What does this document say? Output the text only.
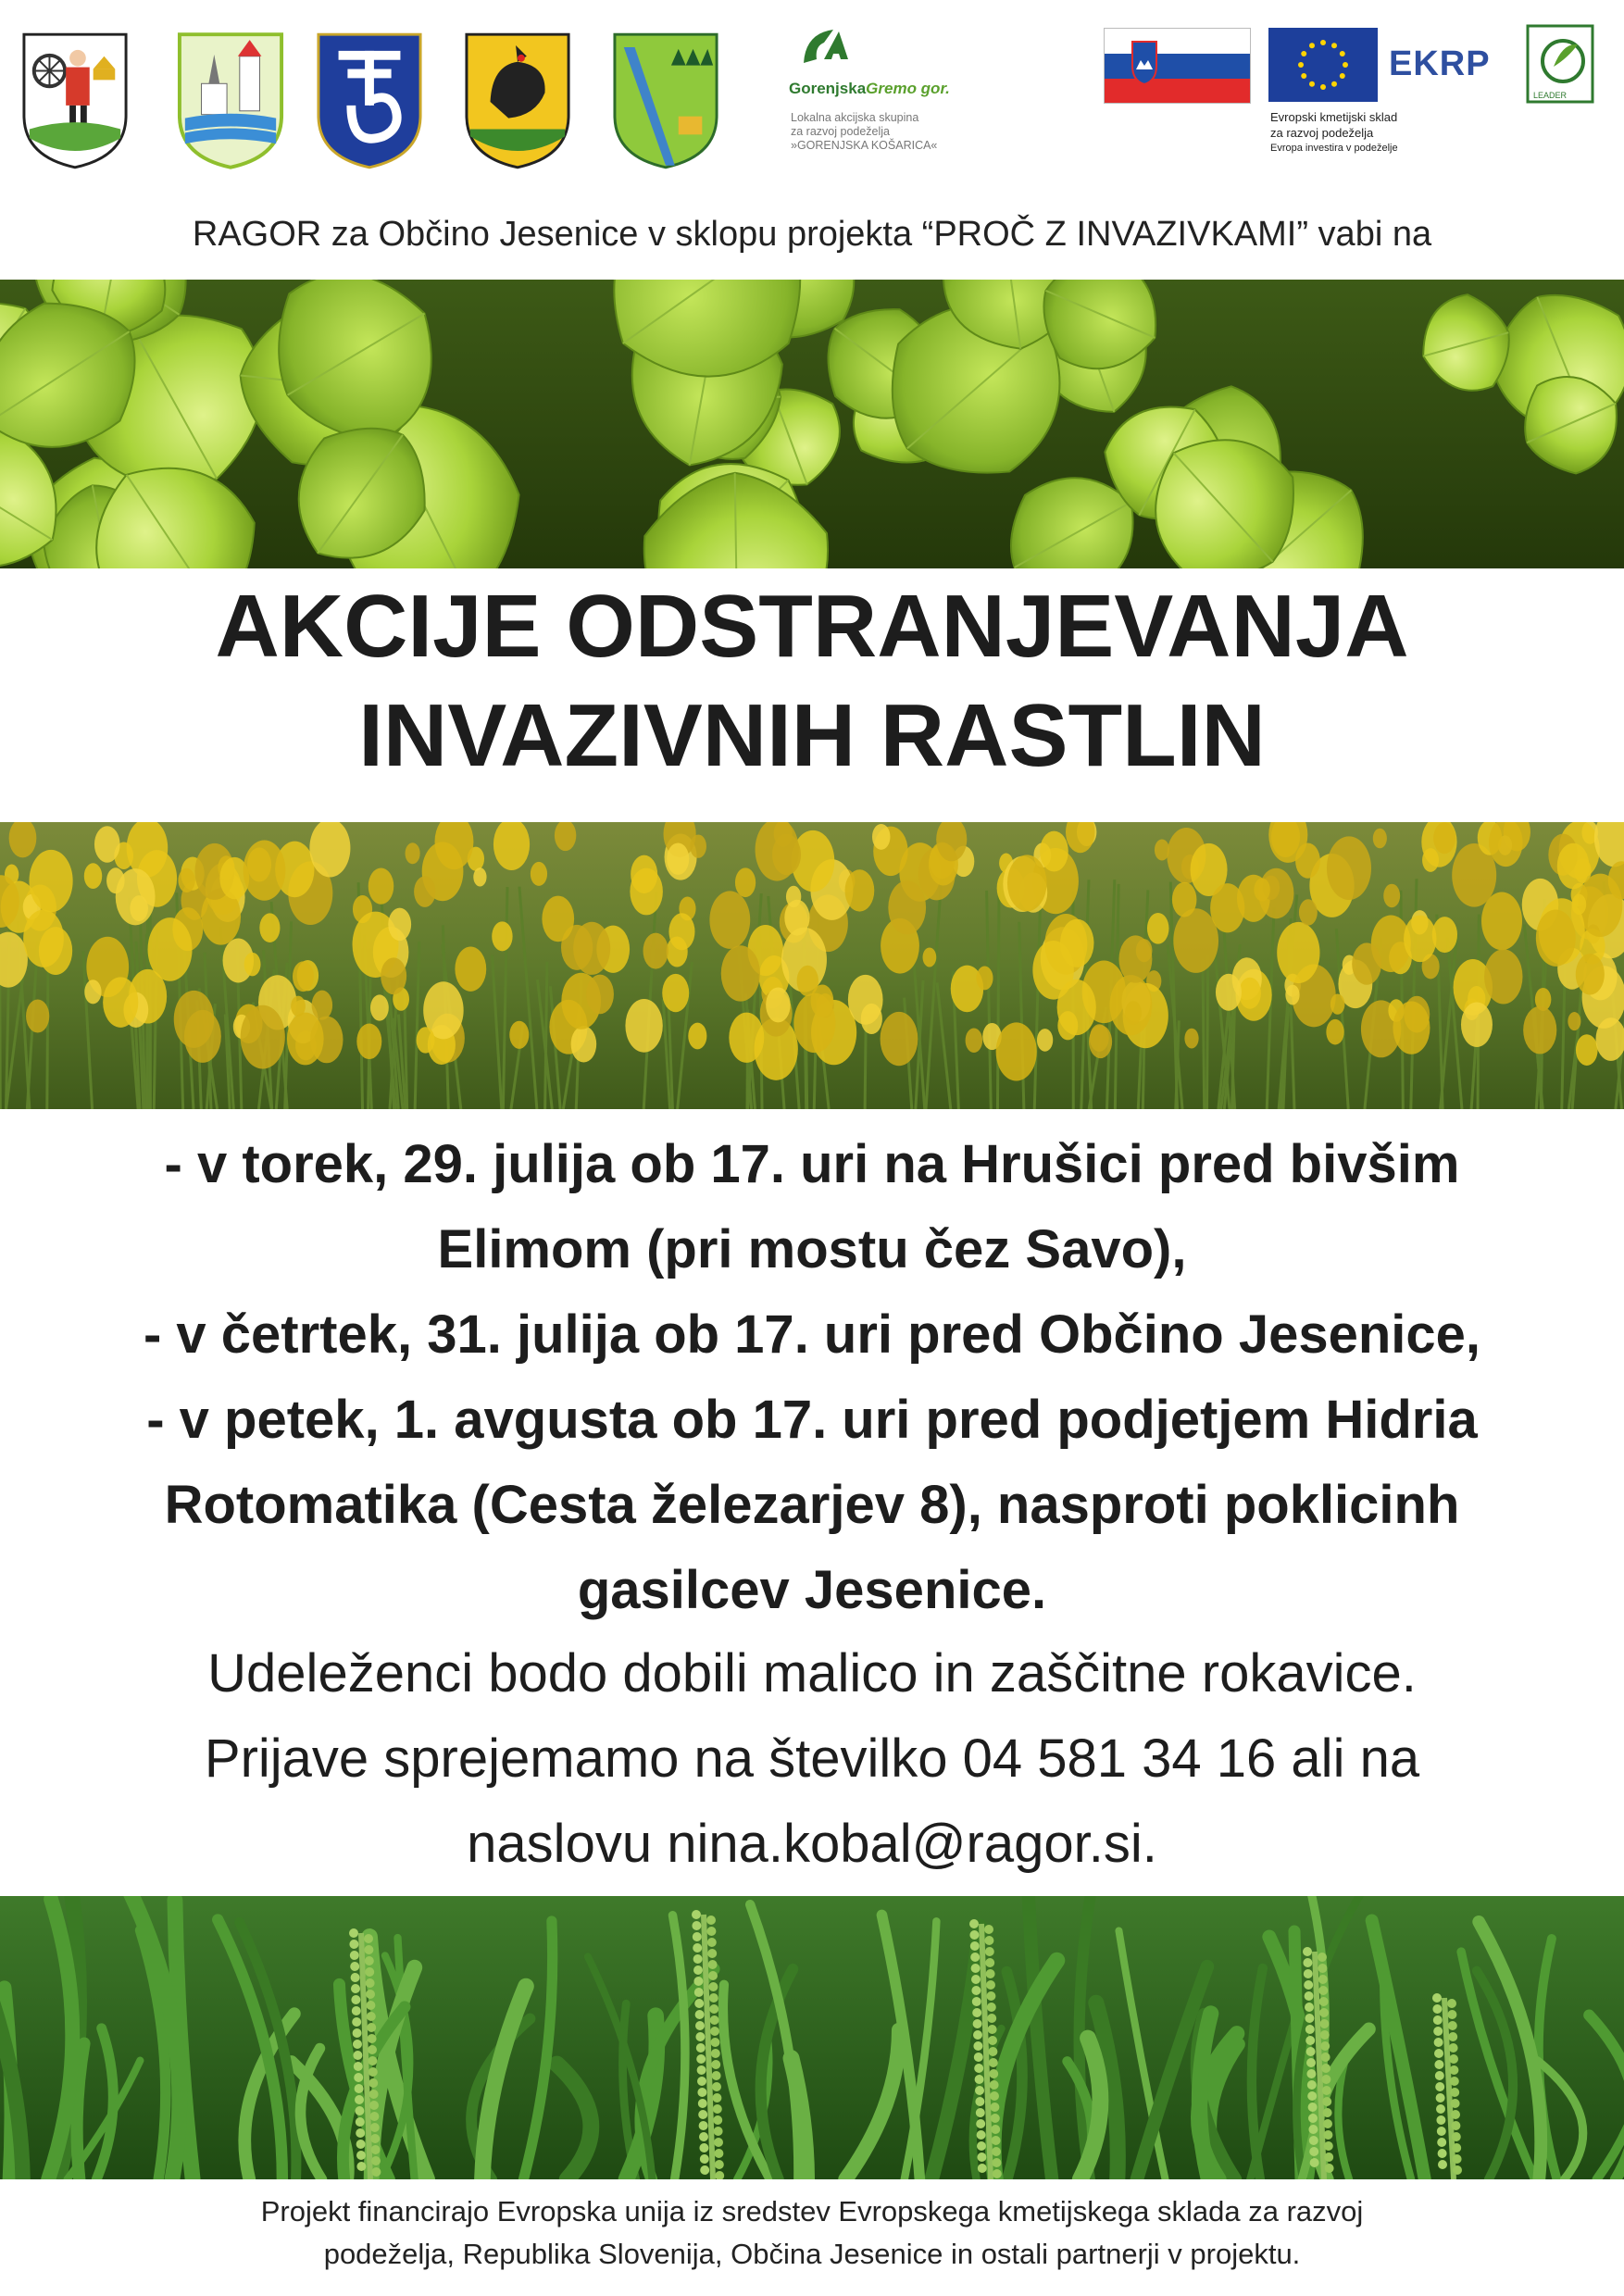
GorenjskaGremo gor.
Lokalna akcijska skupina
za razvoj podeželja
»GORENJSKA KOŠARICA«
Evropski kmetijski sklad
za razvoj podeželja
Evropa investira v podeželje
EKRP
LEADER
RAGOR za Občino Jesenice v sklopu projekta “PROČ Z INVAZIVKAMI” vabi na
AKCIJE ODSTRANJEVANJA
INVAZIVNIH RASTLIN
- v torek, 29. julija ob 17. uri na Hrušici pred bivšim
Elimom (pri mostu čez Savo),
- v četrtek, 31. julija ob 17. uri pred Občino Jesenice,
- v petek, 1. avgusta ob 17. uri pred podjetjem Hidria
Rotomatika (Cesta železarjev 8), nasproti poklicinh
gasilcev Jesenice.
Udeleženci bodo dobili malico in zaščitne rokavice.
Prijave sprejemamo na številko 04 581 34 16 ali na
naslovu nina.kobal@ragor.si.
Projekt financirajo Evropska unija iz sredstev Evropskega kmetijskega sklada za razvoj
podeželja, Republika Slovenija, Občina Jesenice in ostali partnerji v projektu.
